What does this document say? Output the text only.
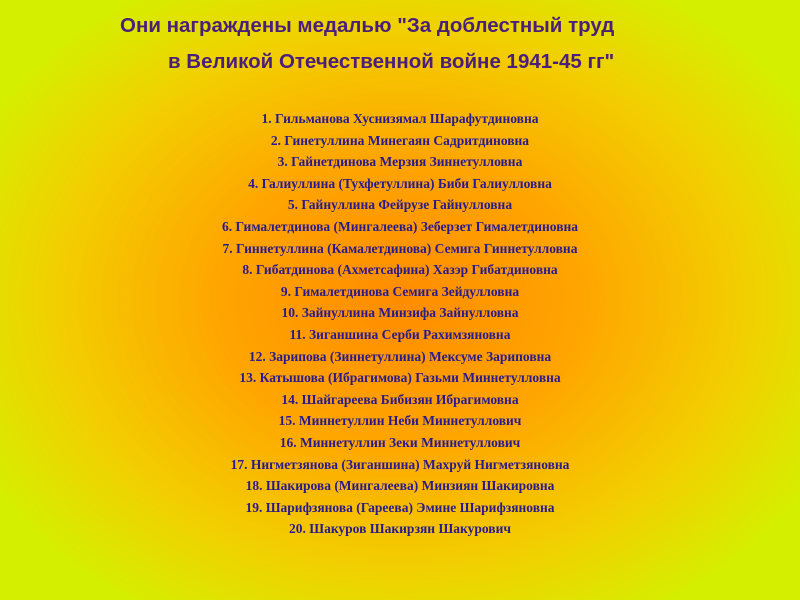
Они награждены медалью "За доблестный труд
в Великой Отечественной войне 1941-45 гг"
1. Гильманова Хуснизямал Шарафутдиновна
2. Гинетуллина Минегаян Садритдиновна
3. Гайнетдинова Мерзия Зиннетулловна
4. Галиуллина (Тухфетуллина) Биби Галиулловна
5. Гайнуллина Фейрузе Гайнулловна
6. Гималетдинова (Мингалеева) Зеберзет Гималетдиновна
7. Гиннетуллина (Камалетдинова) Семига Гиннетулловна
8. Гибатдинова (Ахметсафина) Хазэр Гибатдиновна
9. Гималетдинова Семига Зейдулловна
10. Зайнуллина Минзифа Зайнулловна
11. Зиганшина Серби Рахимзяновна
12. Зарипова (Зиннетуллина) Мексуме Зариповна
13. Катышова (Ибрагимова) Газьми Миннетулловна
14. Шайгареева Бибизян Ибрагимовна
15. Миннетуллин Неби Миннетуллович
16. Миннетуллин Зеки Миннетуллович
17. Нигметзянова (Зиганшина) Махруй Нигметзяновна
18. Шакирова (Мингалеева) Минзиян Шакировна
19. Шарифзянова (Гареева) Эмине Шарифзяновна
20. Шакуров Шакирзян Шакурович
